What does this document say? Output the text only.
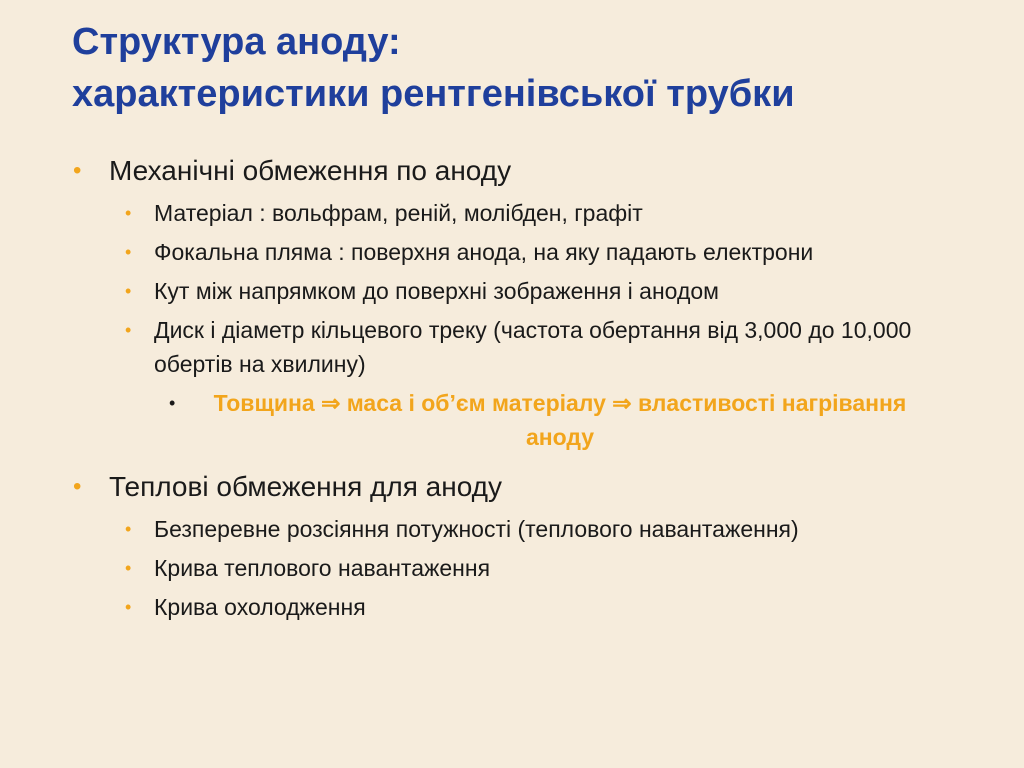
Структура аноду:
характеристики рентгенівської трубки
• Механічні обмеження по аноду
• Матеріал : вольфрам, реній, молібден, графіт
• Фокальна пляма : поверхня анода, на яку падають електрони
• Кут між напрямком до поверхні зображення і анодом
• Диск і діаметр кільцевого треку (частота обертання від 3,000 до 10,000 обертів на хвилину)
•	Товщина ⇒ маса і об’єм матеріалу ⇒ властивості нагрівання аноду
• Теплові обмеження для аноду
• Безперевне розсіяння потужності (теплового навантаження)
• Крива теплового навантаження
• Крива охолодження
